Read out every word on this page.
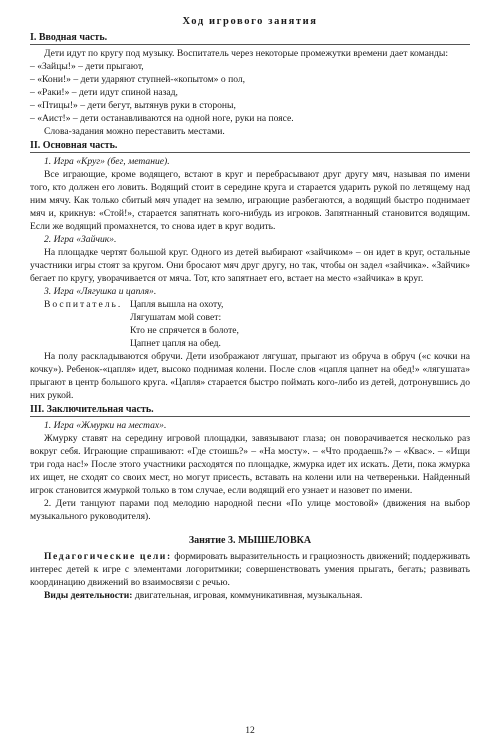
Ход игрового занятия
I. Вводная часть.

Дети идут по кругу под музыку. Воспитатель через некоторые промежутки времени дает команды:

– «Зайцы!» – дети прыгают,

– «Кони!» – дети ударяют ступней-«копытом» о пол,

– «Раки!» – дети идут спиной назад,

– «Птицы!» – дети бегут, вытянув руки в стороны,

– «Аист!» – дети останавливаются на одной ноге, руки на поясе.

Слова-задания можно переставить местами.

II. Основная часть.

1. Игра «Круг» (бег, метание).

Все играющие, кроме водящего, встают в круг и перебрасывают друг другу мяч, называя по имени того, кто должен его ловить. Водящий стоит в середине круга и старается ударить рукой по летящему над ним мячу. Как только сбитый мяч упадет на землю, играющие разбегаются, а водящий быстро поднимает мяч и, крикнув: «Стой!», старается запятнать кого-нибудь из игроков. Запятнанный становится водящим. Если же водящий промахнется, то снова идет в круг водить.

2. Игра «Зайчик».

На площадке чертят большой круг. Одного из детей выбирают «зайчиком» – он идет в круг, остальные участники игры стоят за кругом. Они бросают мяч друг другу, но так, чтобы он задел «зайчика». «Зайчик» бегает по кругу, уворачивается от мяча. Тот, кто запятнает его, встает на место «зайчика» в круг.

3. Игра «Лягушка и цапля».

Воспитатель. Цапля вышла на охоту,

Лягушатам мой совет:

Кто не спрячется в болоте,

Цапнет цапля на обед.

На полу раскладываются обручи. Дети изображают лягушат, прыгают из обруча в обруч («с кочки на кочку»). Ребенок-«цапля» идет, высоко поднимая колени. После слов «цапля цапнет на обед!» «лягушата» прыгают в центр большого круга. «Цапля» старается быстро поймать кого-либо из детей, дотронувшись до них рукой.

III. Заключительная часть.

1. Игра «Жмурки на местах».

Жмурку ставят на середину игровой площадки, завязывают глаза; он поворачивается несколько раз вокруг себя. Играющие спрашивают: «Где стоишь?» – «На мосту». – «Что продаешь?» – «Квас». – «Ищи три года нас!» После этого участники расходятся по площадке, жмурка идет их искать. Дети, пока жмурка их ищет, не сходят со своих мест, но могут присесть, вставать на колени или на четвереньки. Найденный игрок становится жмуркой только в том случае, если водящий его узнает и назовет по имени.

2. Дети танцуют парами под мелодию народной песни «По улице мостовой» (движения на выбор музыкального руководителя).

Занятие 3. МЫШЕЛОВКА

Педагогические цели: формировать выразительность и грациозность движений; поддерживать интерес детей к игре с элементами логоритмики; совершенствовать умения прыгать, бегать; развивать координацию движений во взаимосвязи с речью.

Виды деятельности: двигательная, игровая, коммуникативная, музыкальная.

12
